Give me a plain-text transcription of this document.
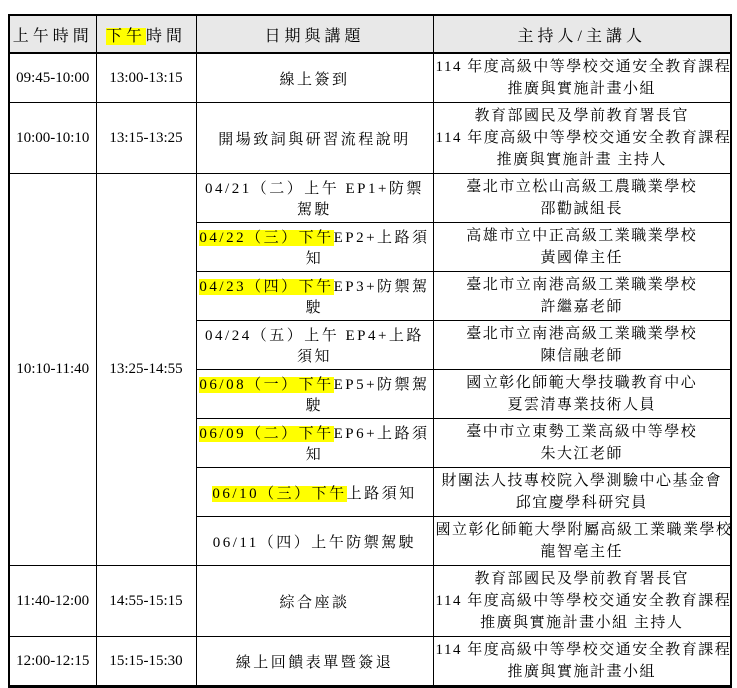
上午時間	下午時間	日期與講題	主持人/主講人
09:45-10:00	13:00-13:15	線上簽到	114 年度高級中等學校交通安全教育課程
推廣與實施計畫小組

10:00-10:10	13:15-13:25	開場致詞與研習流程說明	教育部國民及學前教育署長官
114 年度高級中等學校交通安全教育課程
推廣與實施計畫 主持人

10:10-11:40	13:25-14:55	04/21（二）上午 EP1+防禦駕駛	臺北市立松山高級工農職業學校
邵勸誠組長

		04/22（三）下午EP2+上路須知	高雄市立中正高級工業職業學校
黃國偉主任

		04/23（四）下午EP3+防禦駕駛	臺北市立南港高級工業職業學校
許繼嘉老師

		04/24（五）上午 EP4+上路須知	臺北市立南港高級工業職業學校
陳信融老師

		06/08（一）下午EP5+防禦駕駛	國立彰化師範大學技職教育中心
夏雲清專業技術人員

		06/09（二）下午EP6+上路須知	臺中市立東勢工業高級中等學校
朱大江老師

		06/10（三）下午上路須知	財團法人技專校院入學測驗中心基金會
邱宜慶學科研究員

		06/11（四）上午防禦駕駛	國立彰化師範大學附屬高級工業職業學校
龍智亳主任

11:40-12:00	14:55-15:15	綜合座談	教育部國民及學前教育署長官
114 年度高級中等學校交通安全教育課程
推廣與實施計畫小組 主持人

12:00-12:15	15:15-15:30	線上回饋表單暨簽退	114 年度高級中等學校交通安全教育課程
推廣與實施計畫小組
